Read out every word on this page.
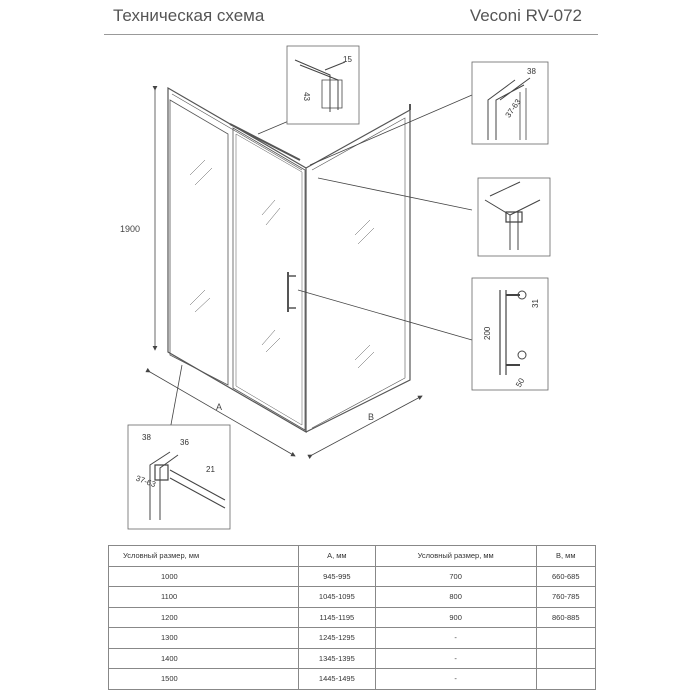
Техническая схема	Veconi RV-072
1900
A
B
15
43
38
37-63
200
31
50
38
36
21
37-63
Условный размер, мм	A, мм	Условный размер, мм	B, мм
1000	945-995	700	660-685
1100	1045-1095	800	760-785
1200	1145-1195	900	860-885
1300	1245-1295	-	
1400	1345-1395	-	
1500	1445-1495	-	
